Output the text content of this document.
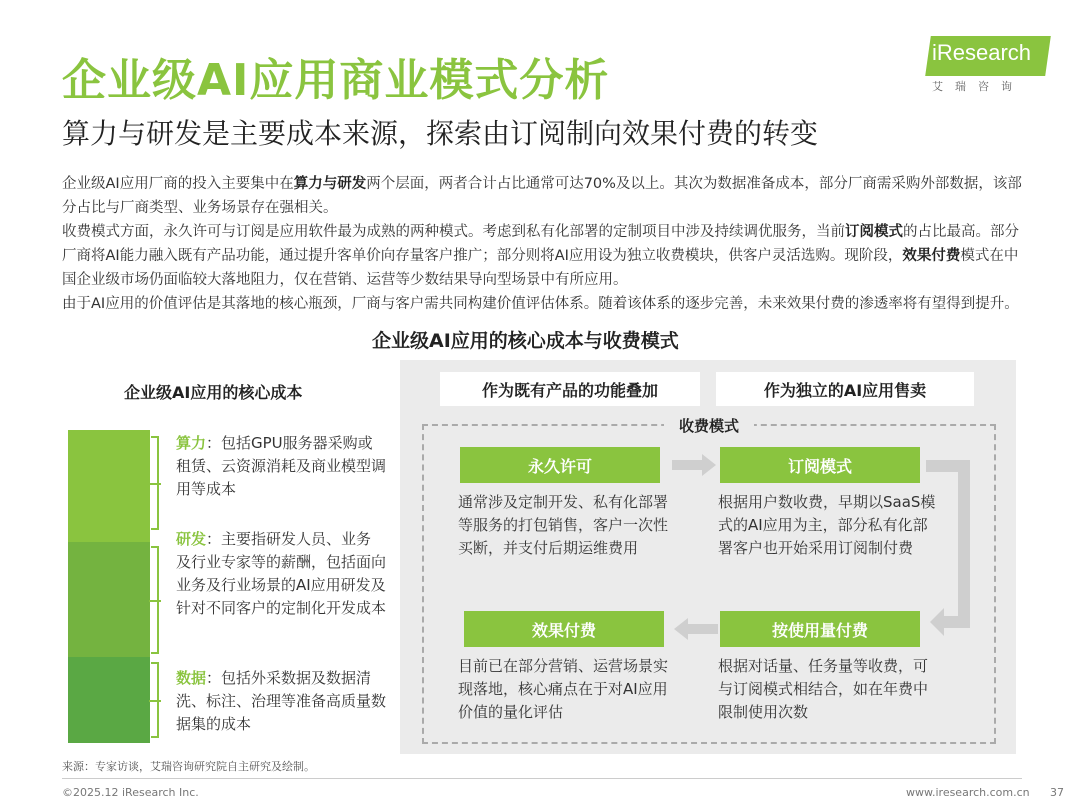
企业级AI应用商业模式分析
算力与研发是主要成本来源，探索由订阅制向效果付费的转变
iResearch
艾瑞咨询

企业级AI应用厂商的投入主要集中在算力与研发两个层面，两者合计占比通常可达70%及以上。其次为数据准备成本，部分厂商需采购外部数据，该部分占比与厂商类型、业务场景存在强相关。

收费模式方面，永久许可与订阅是应用软件最为成熟的两种模式。考虑到私有化部署的定制项目中涉及持续调优服务，当前订阅模式的占比最高。部分厂商将AI能力融入既有产品功能，通过提升客单价向存量客户推广；部分则将AI应用设为独立收费模块，供客户灵活选购。现阶段，效果付费模式在中国企业级市场仍面临较大落地阻力，仅在营销、运营等少数结果导向型场景中有所应用。

由于AI应用的价值评估是其落地的核心瓶颈，厂商与客户需共同构建价值评估体系。随着该体系的逐步完善，未来效果付费的渗透率将有望得到提升。

企业级AI应用的核心成本与收费模式
企业级AI应用的核心成本
算力：包括GPU服务器采购或租赁、云资源消耗及商业模型调用等成本
研发：主要指研发人员、业务及行业专家等的薪酬，包括面向业务及行业场景的AI应用研发及针对不同客户的定制化开发成本
数据：包括外采数据及数据清洗、标注、治理等准备高质量数据集的成本
作为既有产品的功能叠加	作为独立的AI应用售卖
收费模式
永久许可
通常涉及定制开发、私有化部署等服务的打包销售，客户一次性买断，并支付后期运维费用
订阅模式
根据用户数收费，早期以SaaS模式的AI应用为主，部分私有化部署客户也开始采用订阅制付费
效果付费
目前已在部分营销、运营场景实现落地，核心痛点在于对AI应用价值的量化评估
按使用量付费
根据对话量、任务量等收费，可与订阅模式相结合，如在年费中限制使用次数
来源：专家访谈，艾瑞咨询研究院自主研究及绘制。
©2025.12 iResearch Inc.	www.iresearch.com.cn 37
